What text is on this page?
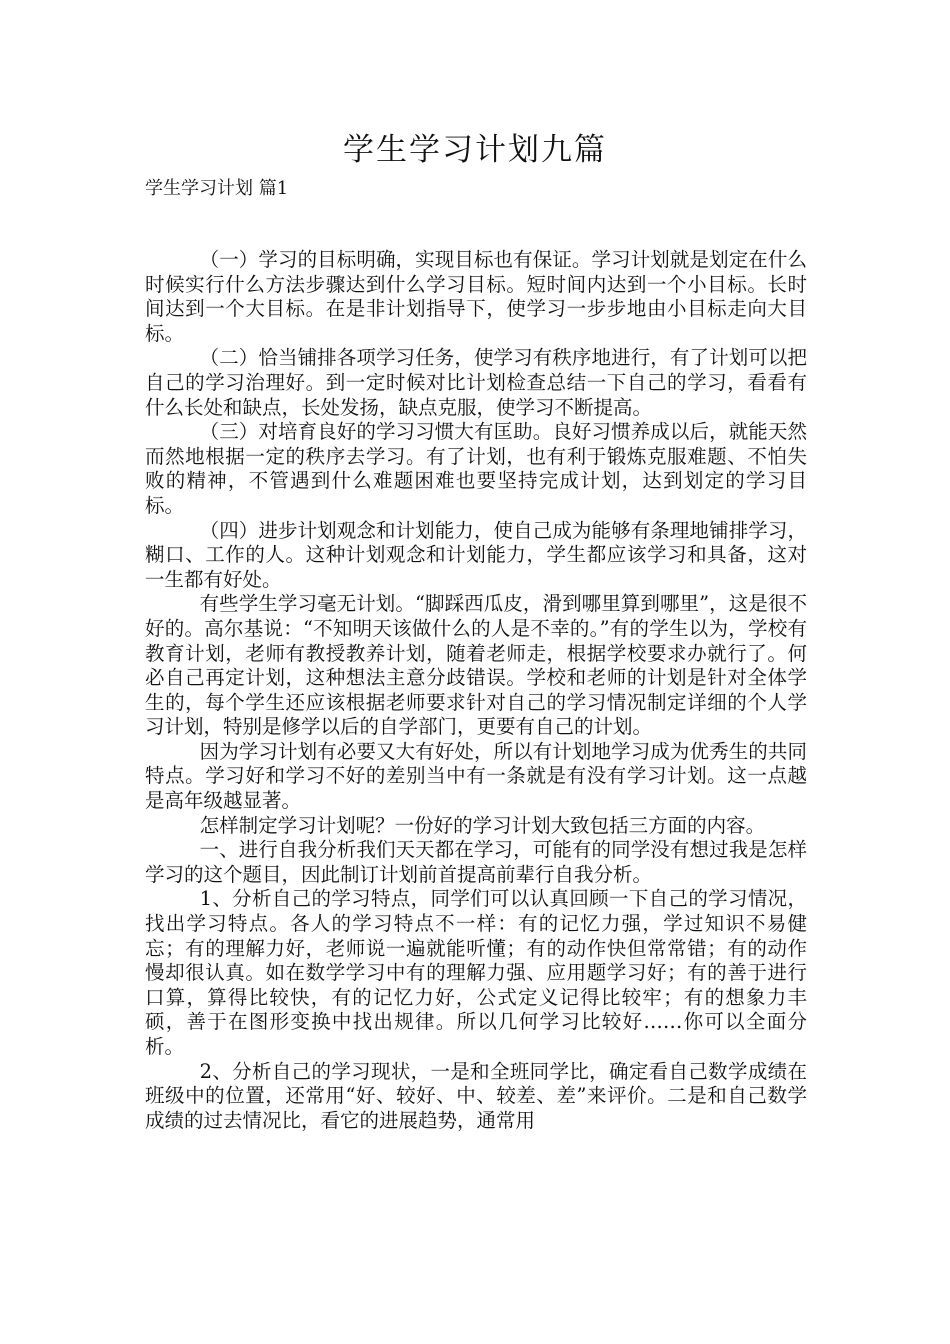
学生学习计划九篇
学生学习计划 篇1

（一）学习的目标明确，实现目标也有保证。学习计划就是划定在什么时候实行什么方法步骤达到什么学习目标。短时间内达到一个小目标。长时间达到一个大目标。在是非计划指导下，使学习一步步地由小目标走向大目标。

（二）恰当铺排各项学习任务，使学习有秩序地进行，有了计划可以把自己的学习治理好。到一定时候对比计划检查总结一下自己的学习，看看有什么长处和缺点，长处发扬，缺点克服，使学习不断提高。

（三）对培育良好的学习习惯大有匡助。良好习惯养成以后，就能天然而然地根据一定的秩序去学习。有了计划，也有利于锻炼克服难题、不怕失败的精神，不管遇到什么难题困难也要坚持完成计划，达到划定的学习目标。

（四）进步计划观念和计划能力，使自己成为能够有条理地铺排学习，糊口、工作的人。这种计划观念和计划能力，学生都应该学习和具备，这对一生都有好处。

有些学生学习毫无计划。“脚踩西瓜皮，滑到哪里算到哪里”，这是很不好的。高尔基说：“不知明天该做什么的人是不幸的。”有的学生以为，学校有教育计划，老师有教授教养计划，随着老师走，根据学校要求办就行了。何必自己再定计划，这种想法主意分歧错误。学校和老师的计划是针对全体学生的，每个学生还应该根据老师要求针对自己的学习情况制定详细的个人学习计划，特别是修学以后的自学部门，更要有自己的计划。

因为学习计划有必要又大有好处，所以有计划地学习成为优秀生的共同特点。学习好和学习不好的差别当中有一条就是有没有学习计划。这一点越是高年级越显著。

怎样制定学习计划呢？一份好的学习计划大致包括三方面的内容。

一、进行自我分析我们天天都在学习，可能有的同学没有想过我是怎样学习的这个题目，因此制订计划前首提高前辈行自我分析。

1、分析自己的学习特点，同学们可以认真回顾一下自己的学习情况，找出学习特点。各人的学习特点不一样：有的记忆力强，学过知识不易健忘；有的理解力好，老师说一遍就能听懂；有的动作快但常常错；有的动作慢却很认真。如在数学学习中有的理解力强、应用题学习好；有的善于进行口算，算得比较快，有的记忆力好，公式定义记得比较牢；有的想象力丰硕，善于在图形变换中找出规律。所以几何学习比较好……你可以全面分析。

2、分析自己的学习现状，一是和全班同学比，确定看自己数学成绩在班级中的位置，还常用“好、较好、中、较差、差”来评价。二是和自己数学成绩的过去情况比，看它的进展趋势，通常用
